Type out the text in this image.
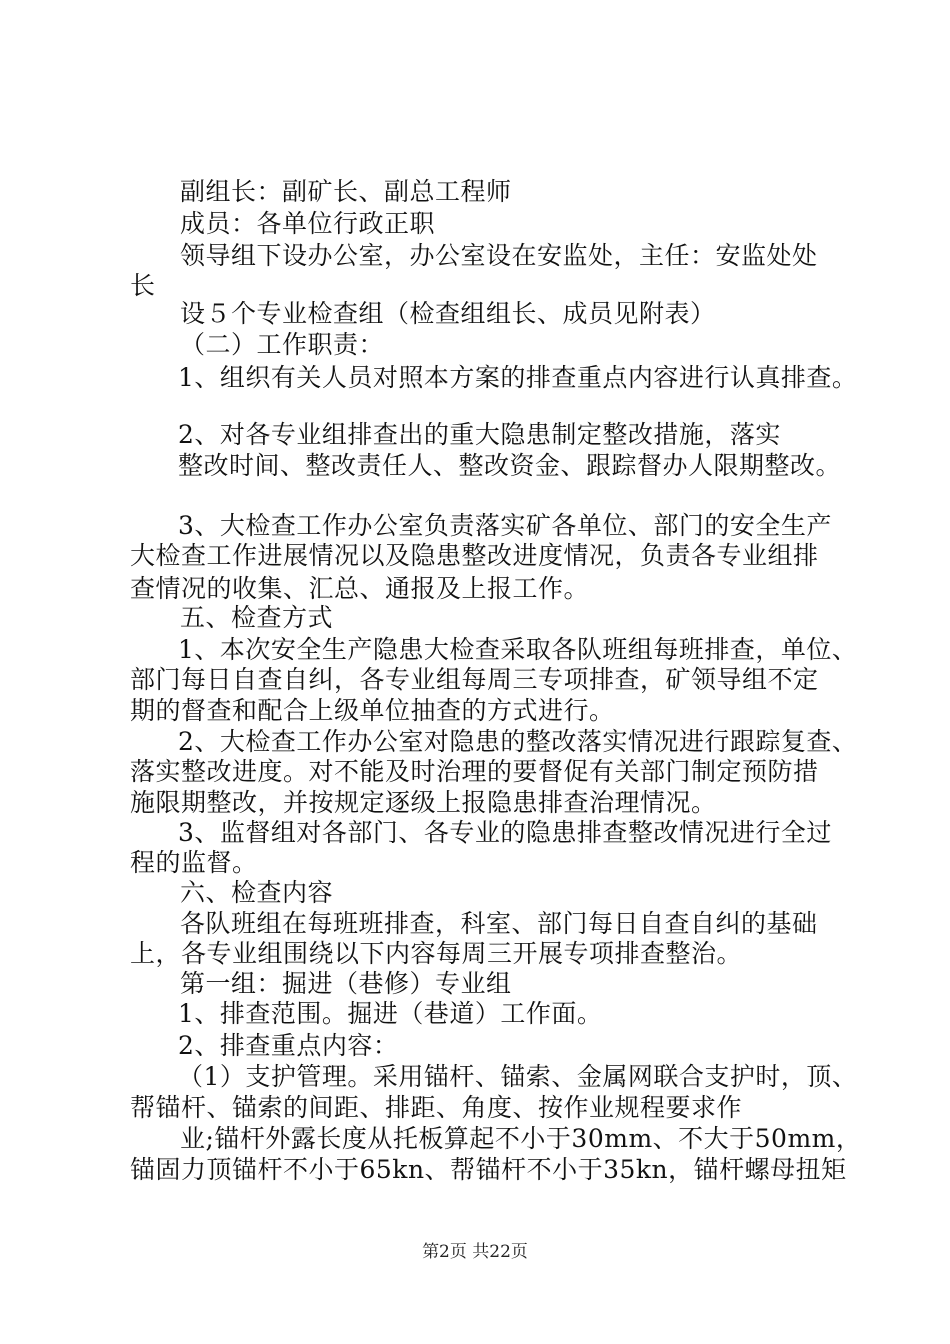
副组长：副矿长、副总工程师
成员：各单位行政正职
领导组下设办公室，办公室设在安监处，主任：安监处处
长
设５个专业检查组（检查组组长、成员见附表）
（二）工作职责：
1、组织有关人员对照本方案的排查重点内容进行认真排查。
2、对各专业组排查出的重大隐患制定整改措施，落实
整改时间、整改责任人、整改资金、跟踪督办人限期整改。
3、大检查工作办公室负责落实矿各单位、部门的安全生产
大检查工作进展情况以及隐患整改进度情况，负责各专业组排
查情况的收集、汇总、通报及上报工作。
五、检查方式
1、本次安全生产隐患大检查采取各队班组每班排查，单位、
部门每日自查自纠，各专业组每周三专项排查，矿领导组不定
期的督查和配合上级单位抽查的方式进行。
2、大检查工作办公室对隐患的整改落实情况进行跟踪复查、
落实整改进度。对不能及时治理的要督促有关部门制定预防措
施限期整改，并按规定逐级上报隐患排查治理情况。
3、监督组对各部门、各专业的隐患排查整改情况进行全过
程的监督。
六、检查内容
各队班组在每班班排查，科室、部门每日自查自纠的基础
上，各专业组围绕以下内容每周三开展专项排查整治。
第一组：掘进（巷修）专业组
1、排查范围。掘进（巷道）工作面。
2、排查重点内容：
（1）支护管理。采用锚杆、锚索、金属网联合支护时，顶、
帮锚杆、锚索的间距、排距、角度、按作业规程要求作
业;锚杆外露长度从托板算起不小于30mm、不大于50mm，
锚固力顶锚杆不小于65kn、帮锚杆不小于35kn，锚杆螺母扭矩
第2页 共22页
